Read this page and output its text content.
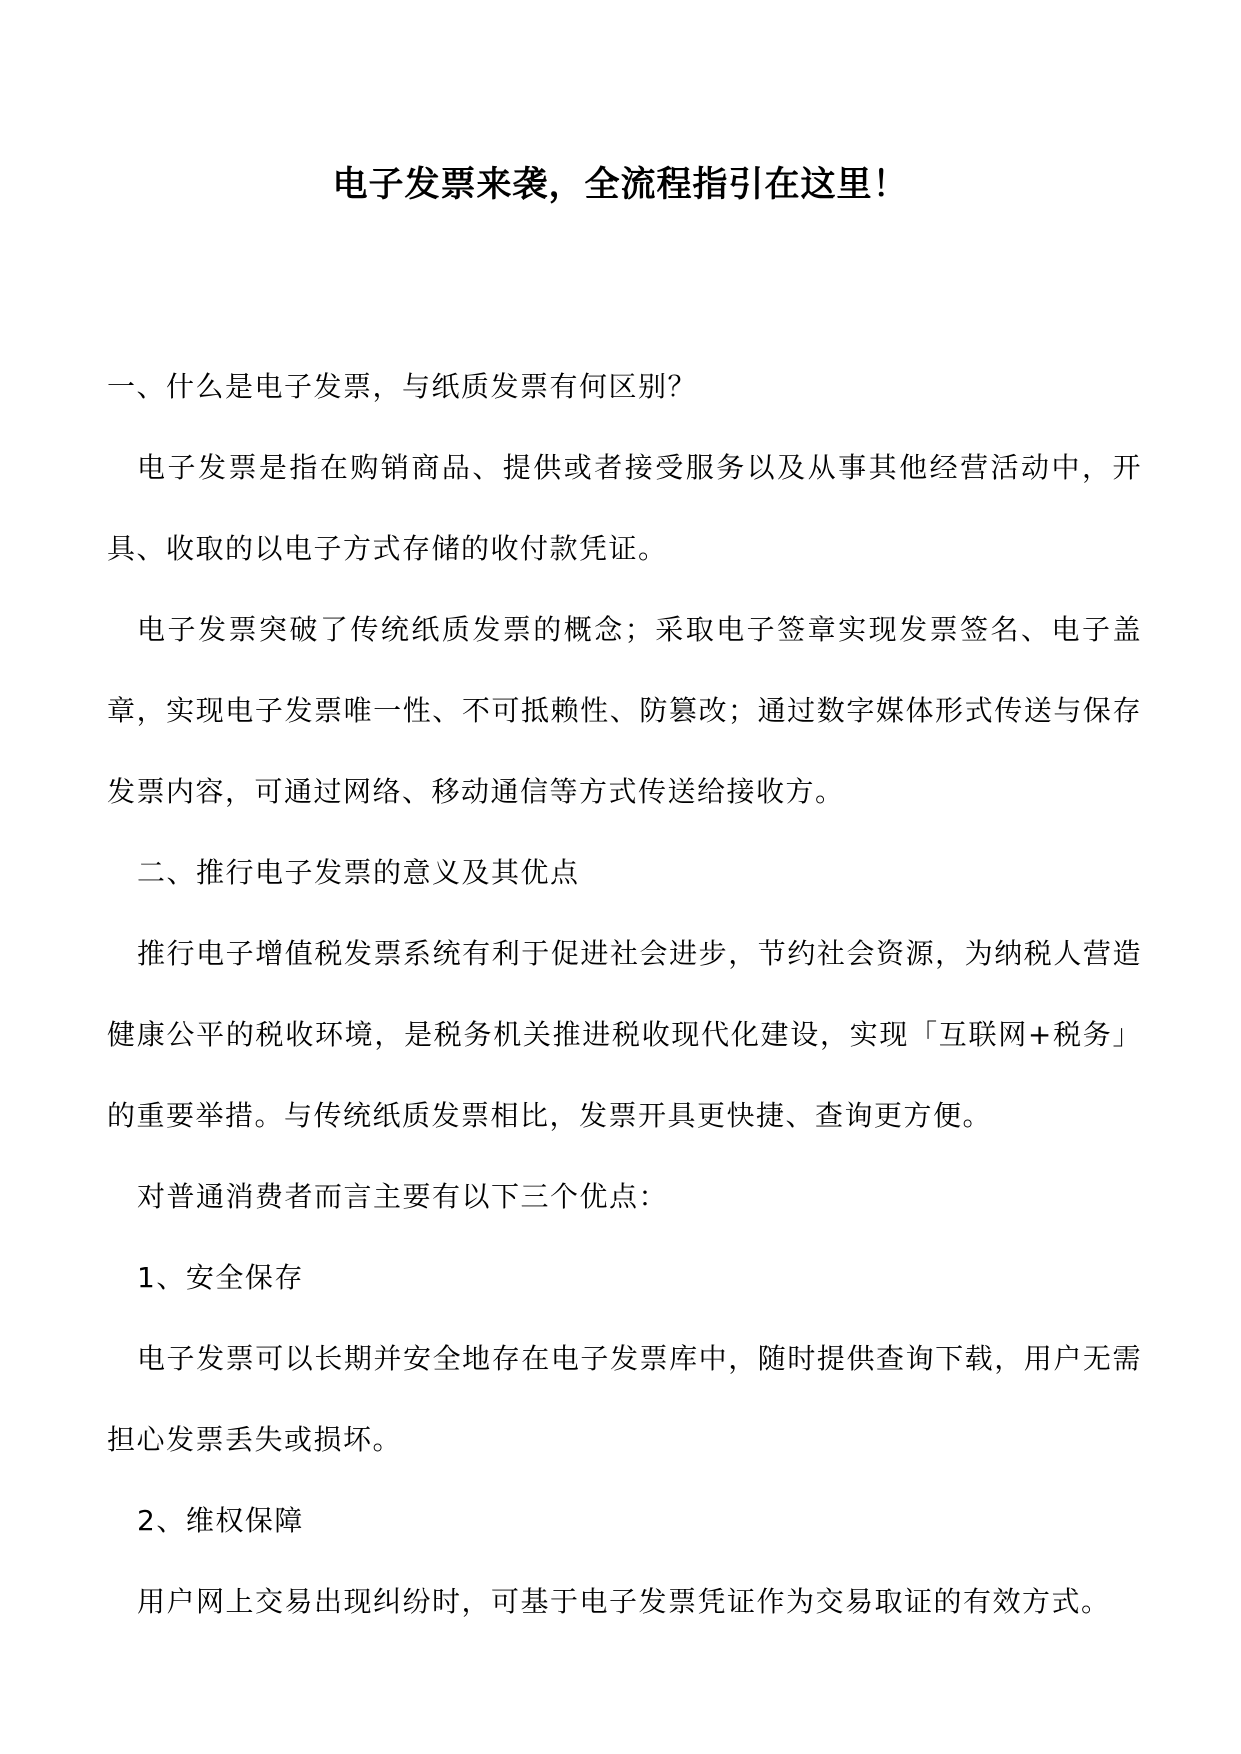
电子发票来袭，全流程指引在这里！

一、什么是电子发票，与纸质发票有何区别？

电子发票是指在购销商品、提供或者接受服务以及从事其他经营活动中，开具、收取的以电子方式存储的收付款凭证。

电子发票突破了传统纸质发票的概念；采取电子签章实现发票签名、电子盖章，实现电子发票唯一性、不可抵赖性、防篡改；通过数字媒体形式传送与保存发票内容，可通过网络、移动通信等方式传送给接收方。

二、推行电子发票的意义及其优点

推行电子增值税发票系统有利于促进社会进步，节约社会资源，为纳税人营造健康公平的税收环境，是税务机关推进税收现代化建设，实现「互联网+税务」的重要举措。与传统纸质发票相比，发票开具更快捷、查询更方便。

对普通消费者而言主要有以下三个优点：

1、安全保存

电子发票可以长期并安全地存在电子发票库中，随时提供查询下载，用户无需担心发票丢失或损坏。

2、维权保障

用户网上交易出现纠纷时，可基于电子发票凭证作为交易取证的有效方式。
